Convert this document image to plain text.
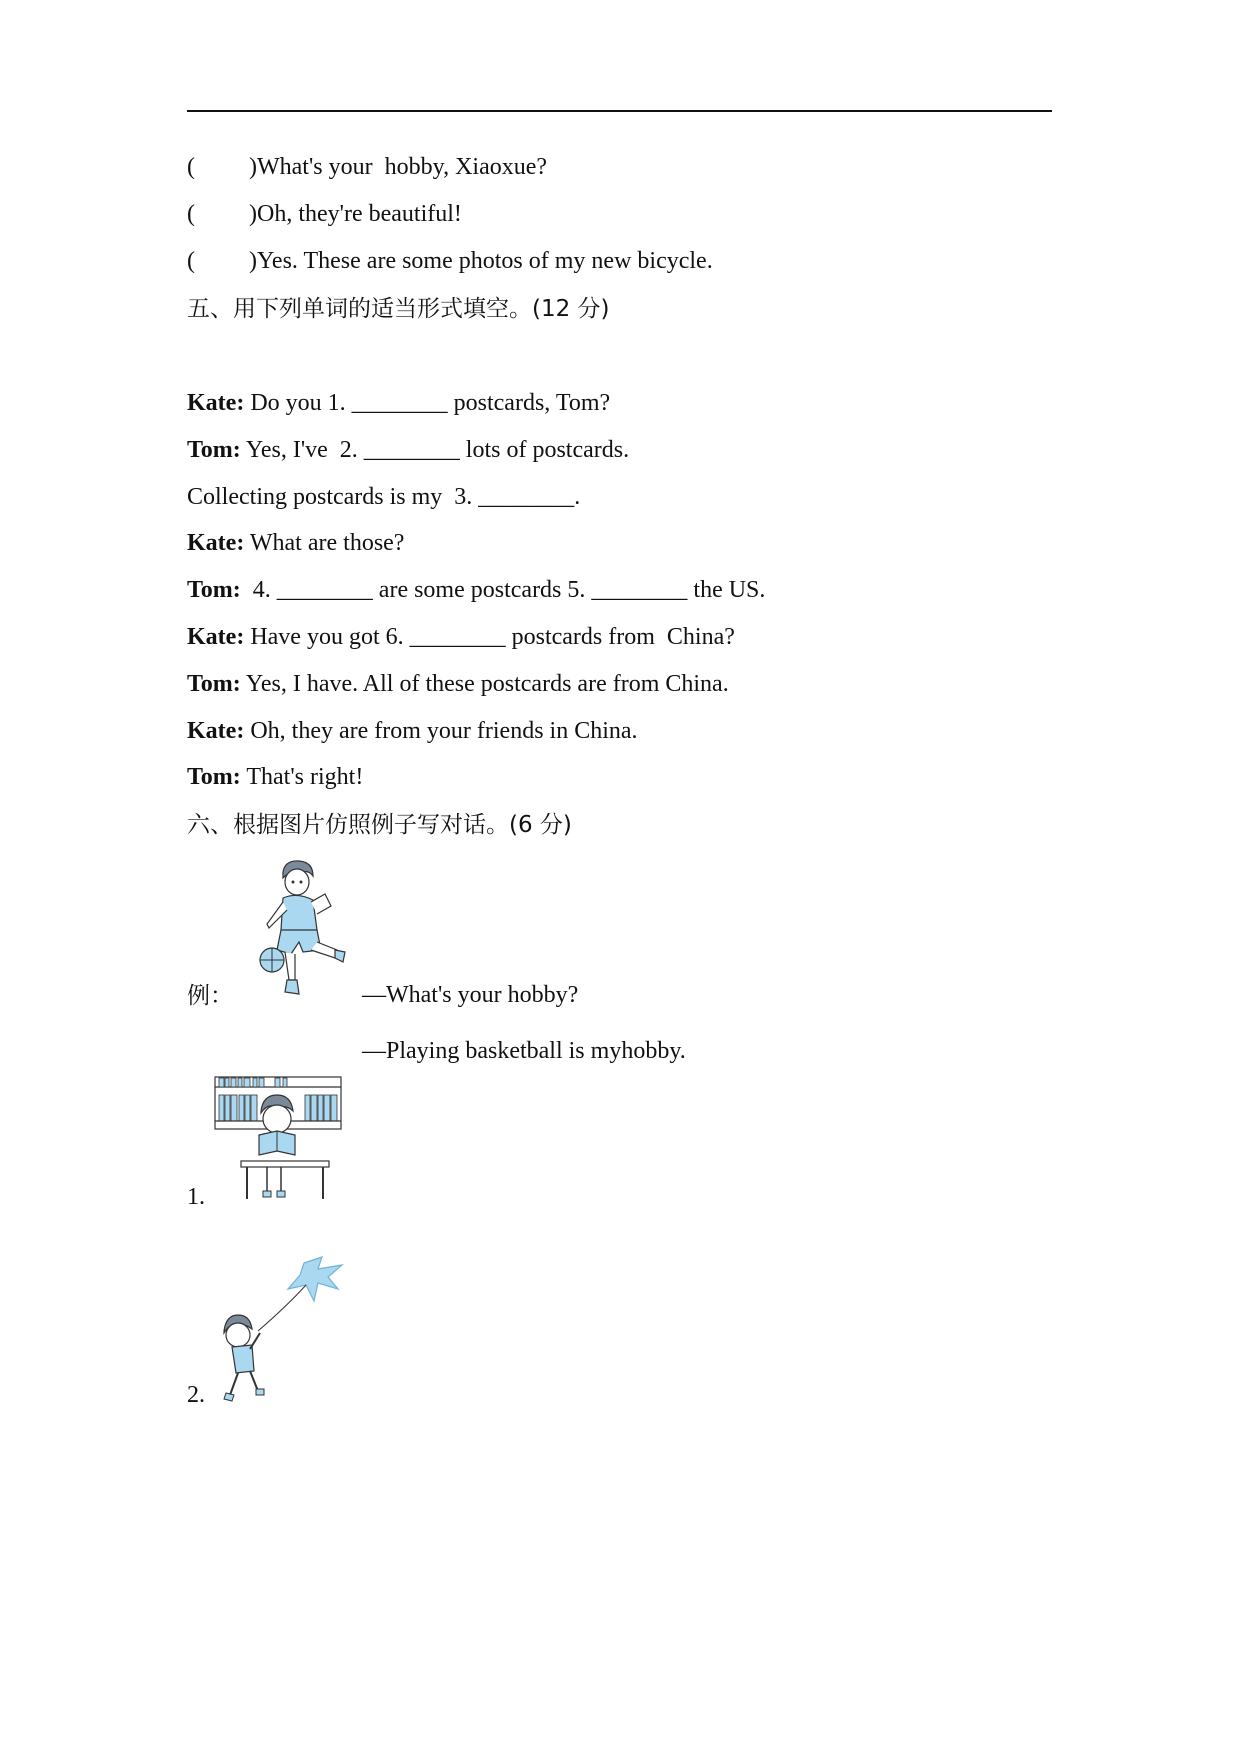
( )What's your  hobby, Xiaoxue?
( )Oh, they're beautiful!
( )Yes. These are some photos of my new bicycle.
五、用下列单词的适当形式填空。(12 分)
Kate: Do you 1. ________ postcards, Tom?
Tom: Yes, I've  2. ________ lots of postcards.
Collecting postcards is my  3. ________.
Kate: What are those?
Tom:  4. ________ are some postcards 5. ________ the US.
Kate: Have you got 6. ________ postcards from  China?
Tom: Yes, I have. All of these postcards are from China.
Kate: Oh, they are from your friends in China.
Tom: That's right!
六、根据图片仿照例子写对话。(6 分)
例：	—What's your hobby?
—Playing basketball is myhobby.
1.
2.
